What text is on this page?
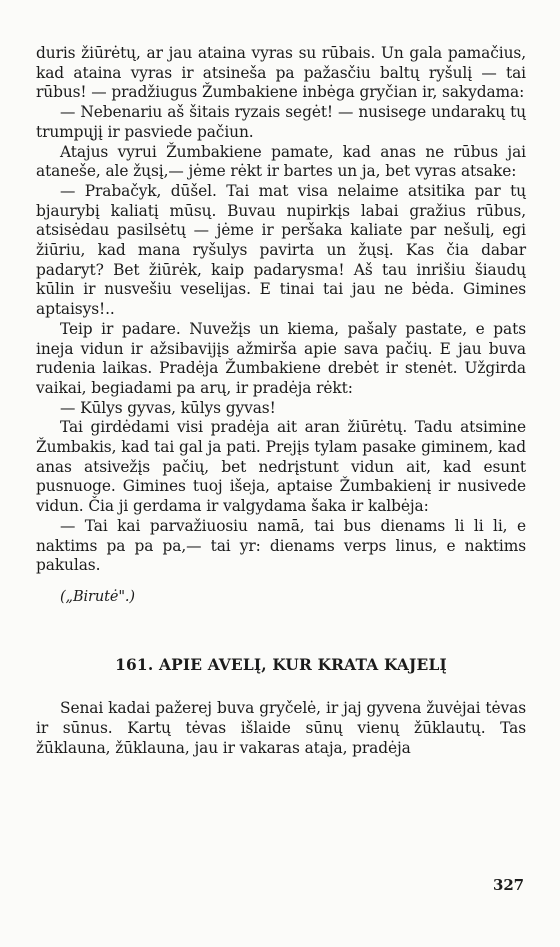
duris žiūrėtų, ar jau ataina vyras su rūbais. Un gala pamačius, kad ataina vyras ir atsineša pa pažasčiu baltų ryšulį — tai rūbus! — pradžiugus Žumbakiene inbėga gryčian ir, sakydama:

— Nebenariu aš šitais ryzais segėt! — nusisege undarakų tų trumpųjį ir pasviede pačiun.

Atajus vyrui Žumbakiene pamate, kad anas ne rūbus jai ataneše, ale žųsį,— jėme rėkt ir bartes un ja, bet vyras atsake:

— Prabačyk, dūšel. Tai mat visa nelaime atsitika par tų bjaurybį kaliatį mūsų. Buvau nupirkįs labai gražius rūbus, atsisėdau pasilsėtų — jėme ir peršaka kaliate par nešulį, egi žiūriu, kad mana ryšulys pavirta un žųsį. Kas čia dabar padaryt? Bet žiūrėk, kaip padarysma! Aš tau inrišiu šiaudų kūlin ir nusvešiu veselijas. E tinai tai jau ne bėda. Gimines aptaisys!..

Teip ir padare. Nuvežįs un kiema, pašaly pastate, e pats ineja vidun ir ažsibavijįs ažmirša apie sava pačių. E jau buva rudenia laikas. Pradėja Žumbakiene drebėt ir stenėt. Užgirda vaikai, begiadami pa arų, ir pradėja rėkt:

— Kūlys gyvas, kūlys gyvas!

Tai girdėdami visi pradėja ait aran žiūrėtų. Tadu atsimine Žumbakis, kad tai gal ja pati. Prejįs tylam pasake giminem, kad anas atsivežįs pačių, bet nedrįstunt vidun ait, kad esunt pusnuoge. Gimines tuoj išeja, aptaise Žumbakienį ir nusivede vidun. Čia ji gerdama ir valgydama šaka ir kalbėja:

— Tai kai parvažiuosiu namā, tai bus dienams li li li, e naktims pa pa pa,— tai yr: dienams verps linus, e naktims pakulas.

(„Birutė".)

161. APIE AVELĮ, KUR KRATA KAJELĮ

Senai kadai pažerej buva gryčelė, ir jaj gyvena žuvėjai tėvas ir sūnus. Kartų tėvas išlaide sūnų vienų žūklautų. Tas žūklauna, žūklauna, jau ir vakaras ataja, pradėja

327
